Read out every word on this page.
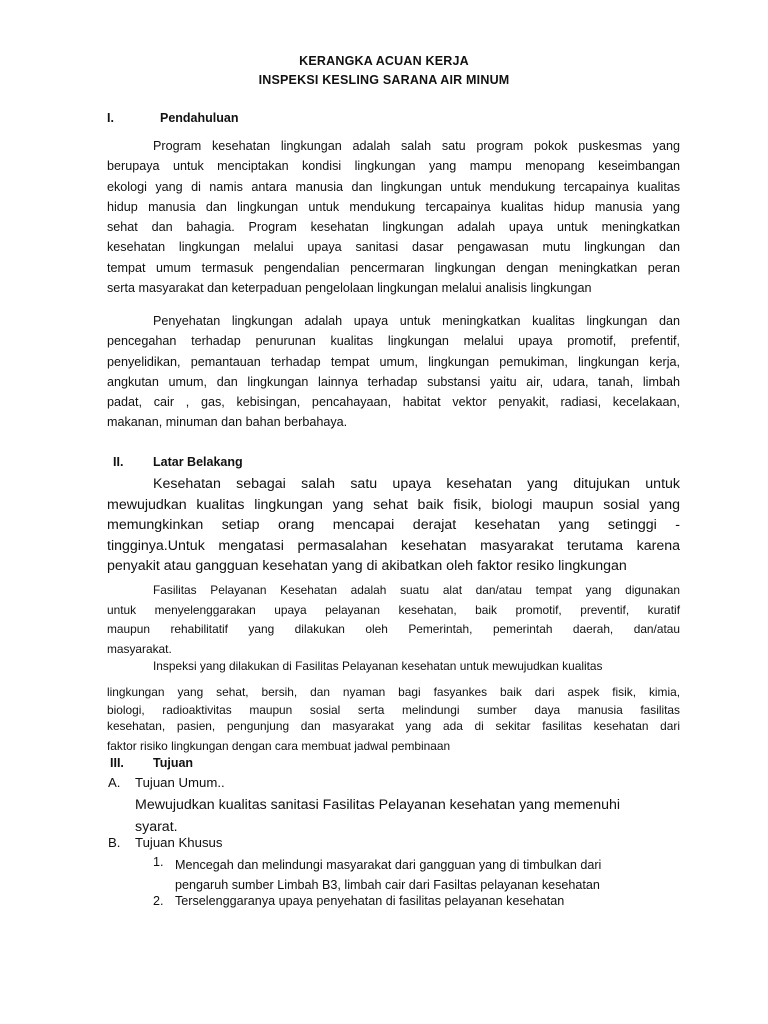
KERANGKA ACUAN KERJA
INSPEKSI KESLING SARANA AIR MINUM
I.	Pendahuluan
Program kesehatan lingkungan adalah salah satu program pokok puskesmas yang
berupaya untuk menciptakan kondisi lingkungan yang mampu menopang keseimbangan
ekologi yang di namis antara manusia dan lingkungan untuk mendukung tercapainya kualitas
hidup manusia dan lingkungan untuk mendukung tercapainya kualitas hidup manusia yang
sehat dan bahagia. Program kesehatan lingkungan adalah upaya untuk meningkatkan
kesehatan lingkungan melalui upaya sanitasi dasar pengawasan mutu lingkungan dan
tempat umum termasuk pengendalian pencermaran lingkungan dengan meningkatkan peran
serta masyarakat dan keterpaduan pengelolaan lingkungan melalui analisis lingkungan
Penyehatan lingkungan adalah upaya untuk meningkatkan kualitas lingkungan dan
pencegahan terhadap penurunan kualitas lingkungan melalui upaya promotif, prefentif,
penyelidikan, pemantauan terhadap tempat umum, lingkungan pemukiman, lingkungan kerja,
angkutan umum, dan lingkungan lainnya terhadap substansi yaitu air, udara, tanah, limbah
padat, cair , gas, kebisingan, pencahayaan, habitat vektor penyakit, radiasi, kecelakaan,
makanan, minuman dan bahan berbahaya.
II. Latar Belakang
Kesehatan sebagai salah satu upaya kesehatan yang ditujukan untuk
mewujudkan kualitas lingkungan yang sehat baik fisik, biologi maupun sosial yang
memungkinkan setiap orang mencapai derajat kesehatan yang setinggi -
tingginya.Untuk mengatasi permasalahan kesehatan masyarakat terutama karena
penyakit atau gangguan kesehatan yang di akibatkan oleh faktor resiko lingkungan
Fasilitas Pelayanan Kesehatan adalah suatu alat dan/atau tempat yang digunakan
untuk menyelenggarakan upaya pelayanan kesehatan, baik promotif, preventif, kuratif
maupun rehabilitatif yang dilakukan oleh Pemerintah, pemerintah daerah, dan/atau
masyarakat.
Inspeksi yang dilakukan di Fasilitas Pelayanan kesehatan untuk mewujudkan kualitas
lingkungan yang sehat, bersih, dan nyaman bagi fasyankes baik dari aspek fisik, kimia,
biologi, radioaktivitas maupun sosial serta melindungi sumber daya manusia fasilitas
kesehatan, pasien, pengunjung dan masyarakat yang ada di sekitar fasilitas kesehatan dari
faktor risiko lingkungan dengan cara membuat jadwal pembinaan
III. Tujuan
A. Tujuan Umum..
Mewujudkan kualitas sanitasi Fasilitas Pelayanan kesehatan yang memenuhi
syarat.
B. Tujuan Khusus
1. Mencegah dan melindungi masyarakat dari gangguan yang di timbulkan dari
pengaruh sumber Limbah B3, limbah cair dari Fasiltas pelayanan kesehatan
2. Terselenggaranya upaya penyehatan di fasilitas pelayanan kesehatan
